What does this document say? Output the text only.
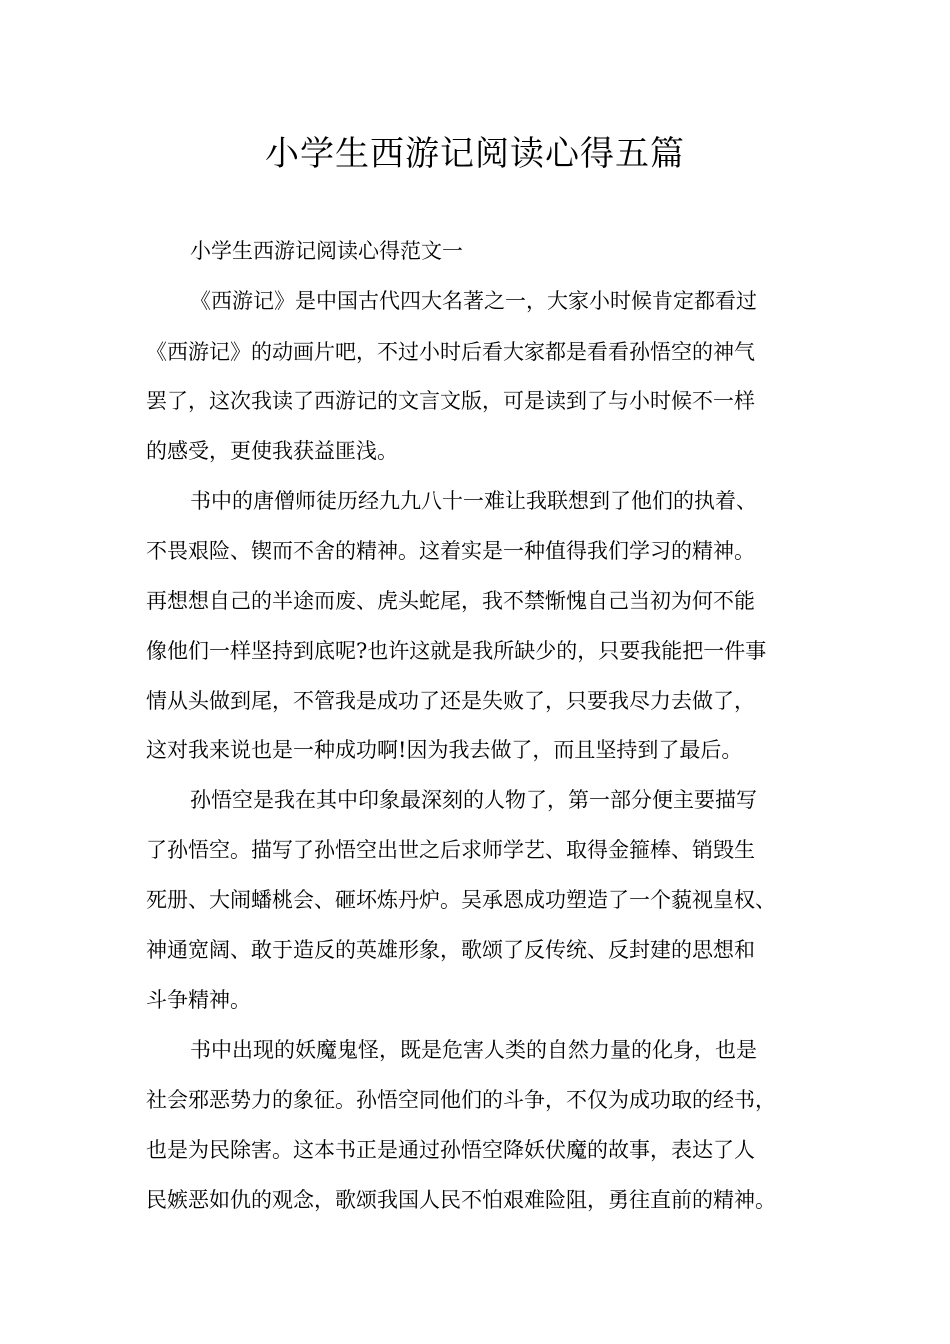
小学生西游记阅读心得五篇

小学生西游记阅读心得范文一

《西游记》是中国古代四大名著之一，大家小时候肯定都看过

《西游记》的动画片吧，不过小时后看大家都是看看孙悟空的神气

罢了，这次我读了西游记的文言文版，可是读到了与小时候不一样

的感受，更使我获益匪浅。

书中的唐僧师徒历经九九八十一难让我联想到了他们的执着、

不畏艰险、锲而不舍的精神。这着实是一种值得我们学习的精神。

再想想自己的半途而废、虎头蛇尾，我不禁惭愧自己当初为何不能

像他们一样坚持到底呢?也许这就是我所缺少的，只要我能把一件事

情从头做到尾，不管我是成功了还是失败了，只要我尽力去做了，

这对我来说也是一种成功啊!因为我去做了，而且坚持到了最后。

孙悟空是我在其中印象最深刻的人物了，第一部分便主要描写

了孙悟空。描写了孙悟空出世之后求师学艺、取得金箍棒、销毁生

死册、大闹蟠桃会、砸坏炼丹炉。吴承恩成功塑造了一个藐视皇权、

神通宽阔、敢于造反的英雄形象，歌颂了反传统、反封建的思想和

斗争精神。

书中出现的妖魔鬼怪，既是危害人类的自然力量的化身，也是

社会邪恶势力的象征。孙悟空同他们的斗争，不仅为成功取的经书，

也是为民除害。这本书正是通过孙悟空降妖伏魔的故事，表达了人

民嫉恶如仇的观念，歌颂我国人民不怕艰难险阻，勇往直前的精神。
